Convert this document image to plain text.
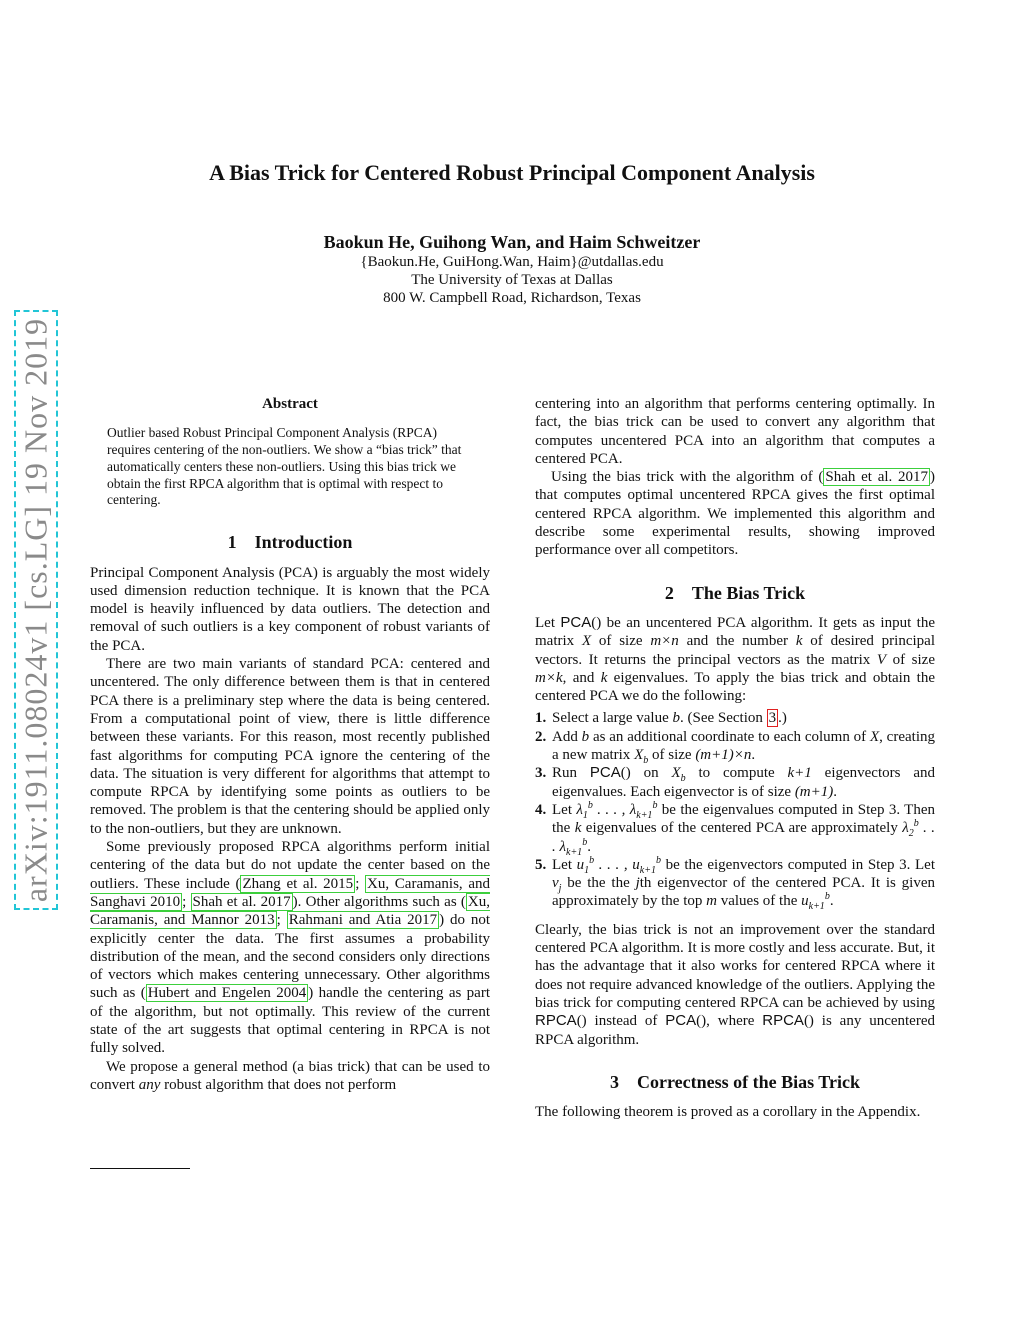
arXiv:1911.08024v1 [cs.LG] 19 Nov 2019
A Bias Trick for Centered Robust Principal Component Analysis
Baokun He, Guihong Wan, and Haim Schweitzer
{Baokun.He, GuiHong.Wan, Haim}@utdallas.edu
The University of Texas at Dallas
800 W. Campbell Road, Richardson, Texas
Abstract
Outlier based Robust Principal Component Analysis (RPCA) requires centering of the non-outliers. We show a “bias trick” that automatically centers these non-outliers. Using this bias trick we obtain the first RPCA algorithm that is optimal with respect to centering.
1 Introduction

Principal Component Analysis (PCA) is arguably the most widely used dimension reduction technique. It is known that the PCA model is heavily influenced by data outliers. The detection and removal of such outliers is a key component of robust variants of the PCA.

There are two main variants of standard PCA: centered and uncentered. The only difference between them is that in centered PCA there is a preliminary step where the data is being centered. From a computational point of view, there is little difference between these variants. For this reason, most recently published fast algorithms for computing PCA ignore the centering of the data. The situation is very different for algorithms that attempt to compute RPCA by identifying some points as outliers to be removed. The problem is that the centering should be applied only to the non-outliers, but they are unknown.

Some previously proposed RPCA algorithms perform initial centering of the data but do not update the center based on the outliers. These include ( Zhang et al. 2015 ; Xu, Caramanis, and Sanghavi 2010 ; Shah et al. 2017 ). Other algorithms such as ( Xu, Caramanis, and Mannor 2013 ; Rahmani and Atia 2017 ) do not explicitly center the data. The first assumes a probability distribution of the mean, and the second considers only directions of vectors which makes centering unnecessary. Other algorithms such as ( Hubert and Engelen 2004 ) handle the centering as part of the algorithm, but not optimally. This review of the current state of the art suggests that optimal centering in RPCA is not fully solved.

We propose a general method (a bias trick) that can be used to convert any robust algorithm that does not perform

centering into an algorithm that performs centering optimally. In fact, the bias trick can be used to convert any algorithm that computes uncentered PCA into an algorithm that computes a centered PCA.

Using the bias trick with the algorithm of ( Shah et al. 2017 ) that computes optimal uncentered RPCA gives the first optimal centered RPCA algorithm. We implemented this algorithm and describe some experimental results, showing improved performance over all competitors.

2 The Bias Trick

Let PCA() be an uncentered PCA algorithm. It gets as input the matrix X of size m×n and the number k of desired principal vectors. It returns the principal vectors as the matrix V of size m×k, and k eigenvalues. To apply the bias trick and obtain the centered PCA we do the following:

1. Select a large value b. (See Section 3 .)
2. Add b as an additional coordinate to each column of X, creating a new matrix $X_b$ of size (m+1)×n.
3. Run PCA() on $X_b$ to compute k+1 eigenvectors and eigenvalues. Each eigenvector is of size (m+1).
4. Let $\lambda_1^b$ . . . , $\lambda_{k+1}^b$ be the eigenvalues computed in Step 3. Then the k eigenvalues of the centered PCA are approximately $\lambda_2^b$ . . . $\lambda_{k+1}^b$.
5. Let $u_1^b$ . . . , $u_{k+1}^b$ be the eigenvectors computed in Step 3. Let $v_j$ be the the jth eigenvector of the centered PCA. It is given approximately by the top m values of the $u_{k+1}^b$.

Clearly, the bias trick is not an improvement over the standard centered PCA algorithm. It is more costly and less accurate. But, it has the advantage that it also works for centered RPCA where it does not require advanced knowledge of the outliers. Applying the bias trick for computing centered RPCA can be achieved by using RPCA() instead of PCA(), where RPCA() is any uncentered RPCA algorithm.

3 Correctness of the Bias Trick

The following theorem is proved as a corollary in the Appendix.
